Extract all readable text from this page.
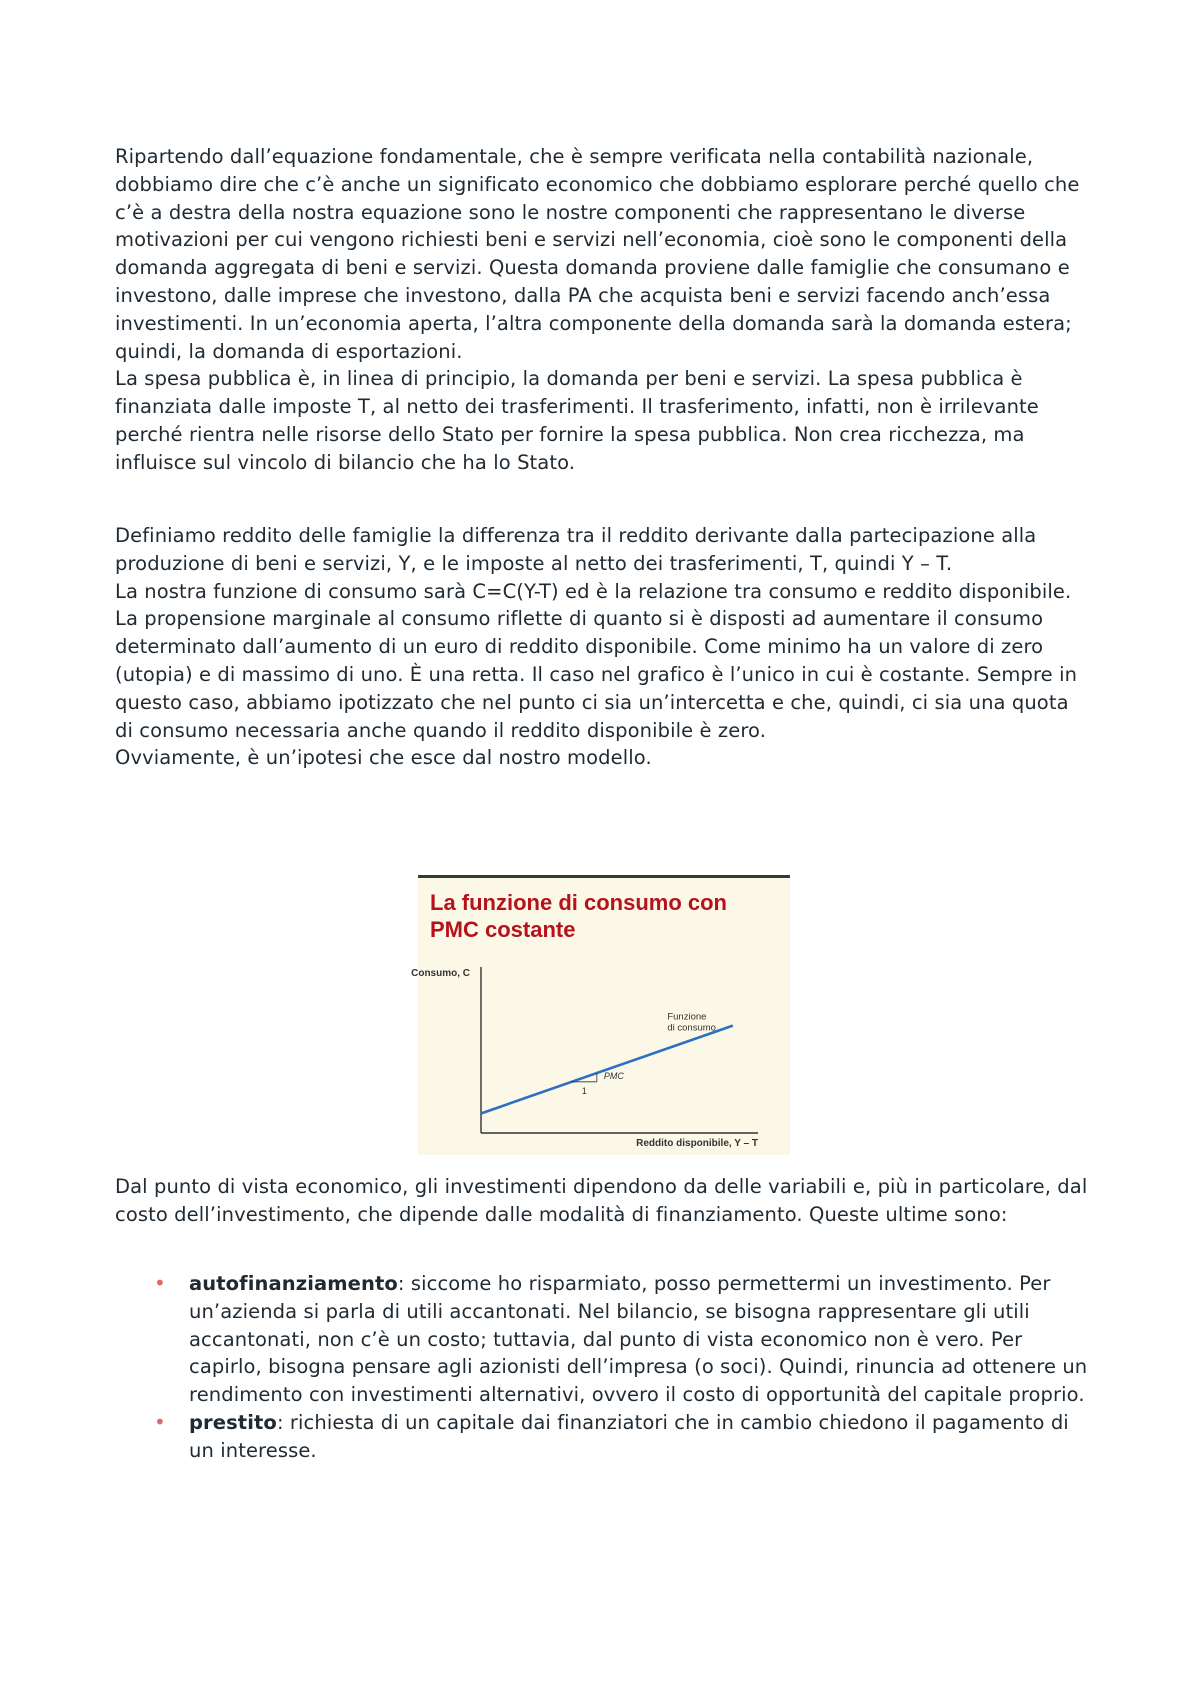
Ripartendo dall’equazione fondamentale, che è sempre verificata nella contabilità nazionale, dobbiamo dire che c’è anche un significato economico che dobbiamo esplorare perché quello che c’è a destra della nostra equazione sono le nostre componenti che rappresentano le diverse motivazioni per cui vengono richiesti beni e servizi nell’economia, cioè sono le componenti della domanda aggregata di beni e servizi. Questa domanda proviene dalle famiglie che consumano e investono, dalle imprese che investono, dalla PA che acquista beni e servizi facendo anch’essa investimenti. In un’economia aperta, l’altra componente della domanda sarà la domanda estera; quindi, la domanda di esportazioni.

La spesa pubblica è, in linea di principio, la domanda per beni e servizi. La spesa pubblica è finanziata dalle imposte T, al netto dei trasferimenti. Il trasferimento, infatti, non è irrilevante perché rientra nelle risorse dello Stato per fornire la spesa pubblica. Non crea ricchezza, ma influisce sul vincolo di bilancio che ha lo Stato.

Definiamo reddito delle famiglie la differenza tra il reddito derivante dalla partecipazione alla produzione di beni e servizi, Y, e le imposte al netto dei trasferimenti, T, quindi Y – T.

La nostra funzione di consumo sarà C=C(Y-T) ed è la relazione tra consumo e reddito disponibile.

La propensione marginale al consumo riflette di quanto si è disposti ad aumentare il consumo determinato dall’aumento di un euro di reddito disponibile. Come minimo ha un valore di zero (utopia) e di massimo di uno. È una retta. Il caso nel grafico è l’unico in cui è costante. Sempre in questo caso, abbiamo ipotizzato che nel punto ci sia un’intercetta e che, quindi, ci sia una quota di consumo necessaria anche quando il reddito disponibile è zero.

Ovviamente, è un’ipotesi che esce dal nostro modello.

La funzione di consumo con PMC costante
Consumo, C
Reddito disponibile, Y – T
PMC
1
Funzione
di consumo

Dal punto di vista economico, gli investimenti dipendono da delle variabili e, più in particolare, dal costo dell’investimento, che dipende dalle modalità di finanziamento. Queste ultime sono:

• autofinanziamento: siccome ho risparmiato, posso permettermi un investimento. Per un’azienda si parla di utili accantonati. Nel bilancio, se bisogna rappresentare gli utili accantonati, non c’è un costo; tuttavia, dal punto di vista economico non è vero. Per capirlo, bisogna pensare agli azionisti dell’impresa (o soci). Quindi, rinuncia ad ottenere un rendimento con investimenti alternativi, ovvero il costo di opportunità del capitale proprio.
• prestito: richiesta di un capitale dai finanziatori che in cambio chiedono il pagamento di un interesse.
